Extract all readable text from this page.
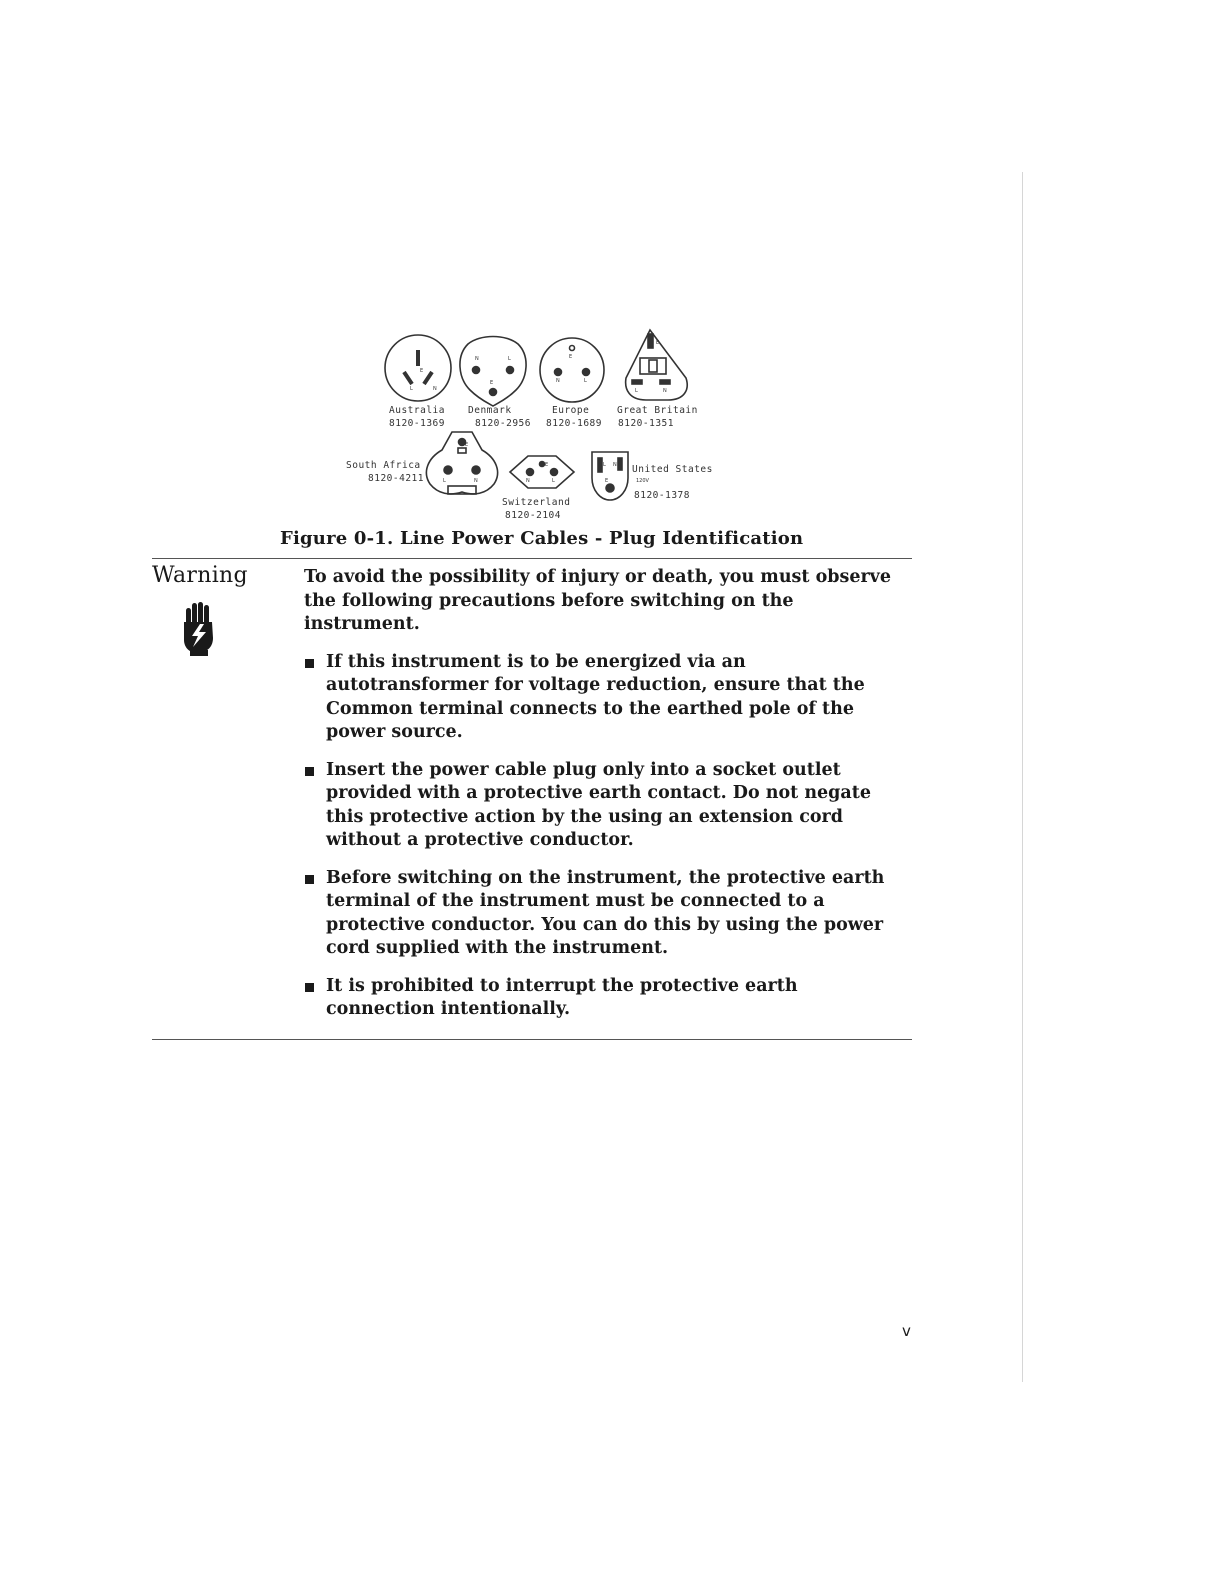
L
E
N
N	L
E	N	L
E
E
L	N
E
L	N	N
E
L
L N
E
Australia
8120-1369
Denmark
8120-2956
Europe
8120-1689
Great Britain
8120-1351
South Africa
8120-4211
Switzerland
8120-2104
United States
120V
8120-1378
Figure 0-1. Line Power Cables - Plug Identification
Warning	To avoid the possibility of injury or death, you must observe the following precautions before switching on the instrument.

If this instrument is to be energized via an autotransformer for voltage reduction, ensure that the Common terminal connects to the earthed pole of the power source.
Insert the power cable plug only into a socket outlet provided with a protective earth contact. Do not negate this protective action by the using an extension cord without a protective conductor.
Before switching on the instrument, the protective earth terminal of the instrument must be connected to a protective conductor. You can do this by using the power cord supplied with the instrument.
It is prohibited to interrupt the protective earth connection intentionally.
v
